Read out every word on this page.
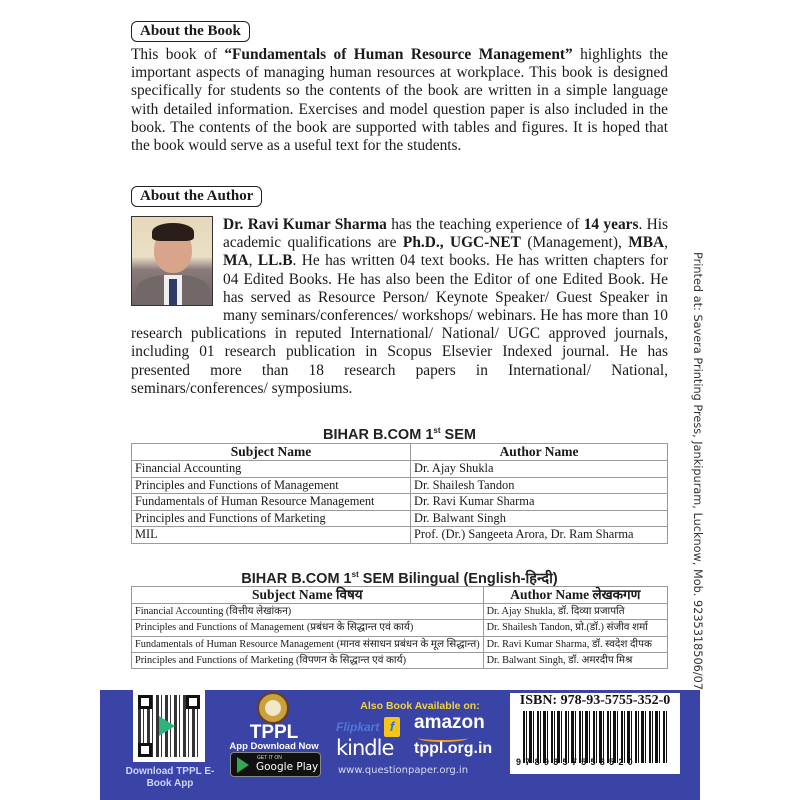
About the Book
This book of “Fundamentals of Human Resource Management” highlights the important aspects of managing human resources at workplace. This book is designed specifically for students so the contents of the book are written in a simple language with detailed information. Exercises and model question paper is also included in the book. The contents of the book are supported with tables and figures. It is hoped that the book would serve as a useful text for the students.
About the Author
Dr. Ravi Kumar Sharma has the teaching experience of 14 years. His academic qualifications are Ph.D., UGC-NET (Management), MBA, MA, LL.B. He has written 04 text books. He has written chapters for 04 Edited Books. He has also been the Editor of one Edited Book. He has served as Resource Person/ Keynote Speaker/ Guest Speaker in many seminars/conferences/ workshops/ webinars. He has more than 10 research publications in reputed International/ National/ UGC approved journals, including 01 research publication in Scopus Elsevier Indexed journal. He has presented more than 18 research papers in International/ National, seminars/conferences/ symposiums.
BIHAR B.COM 1st SEM
Subject Name	Author Name
Financial Accounting	Dr. Ajay Shukla
Principles and Functions of Management	Dr. Shailesh Tandon
Fundamentals of Human Resource Management	Dr. Ravi Kumar Sharma
Principles and Functions of Marketing	Dr. Balwant Singh
MIL	Prof. (Dr.) Sangeeta Arora, Dr. Ram Sharma
BIHAR B.COM 1st SEM Bilingual (English-हिन्दी)
Subject Name विषय	Author Name लेखकगण
Financial Accounting (वित्तीय लेखांकन)	Dr. Ajay Shukla, डॉ. दिव्या प्रजापति
Principles and Functions of Management (प्रबंधन के सिद्धान्त एवं कार्य)	Dr. Shailesh Tandon, प्रो.(डॉ.) संजीव शर्मा
Fundamentals of Human Resource Management (मानव संसाधन प्रबंधन के मूल सिद्धान्त)	Dr. Ravi Kumar Sharma, डॉ. स्वदेश दीपक
Principles and Functions of Marketing (विपणन के सिद्धान्त एवं कार्य)	Dr. Balwant Singh, डॉ. अमरदीप मिश्र	Printed at: Savera Printing Press, Jankipuram, Lucknow, Mob. 9235318506/07
Download TPPL E-Book App
TPPL
App Download Now
GET IT ON
Google Play
Also Book Available on:
Flipkart f	amazon
kindle tppl.org.in
www.questionpaper.org.in
ISBN: 978-93-5755-352-0
9789357553520
